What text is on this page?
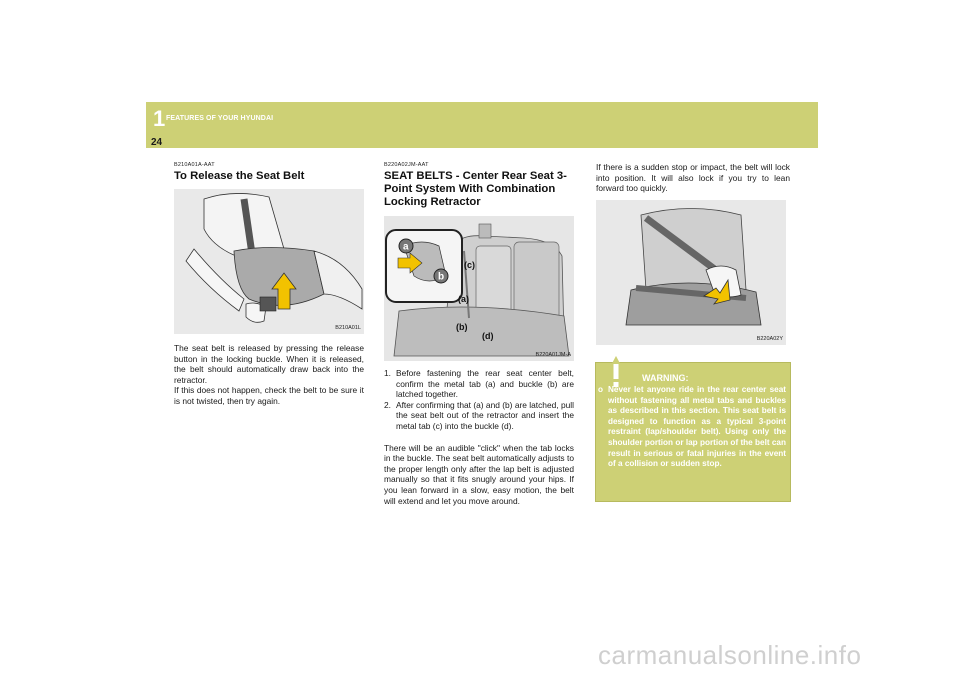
1 FEATURES OF YOUR HYUNDAI
24
B210A01A-AAT
To Release the Seat Belt
B210A01L

The seat belt is released by pressing the release button in the locking buckle. When it is released, the belt should automatically draw back into the retractor.

If this does not happen, check the belt to be sure it is not twisted, then try again.

B220A02JM-AAT
SEAT BELTS - Center Rear Seat 3-Point System With Combination Locking Retractor
a
b
(c)
(a)
(b)
(d)
B220A01JM-A
1. Before fastening the rear seat center belt, confirm the metal tab (a) and buckle (b) are latched together.
2. After confirming that (a) and (b) are latched, pull the seat belt out of the retractor and insert the metal tab (c) into the buckle (d).

There will be an audible "click" when the tab locks in the buckle. The seat belt automatically adjusts to the proper length only after the lap belt is adjusted manually so that it fits snugly around your hips. If you lean forward in a slow, easy motion, the belt will extend and let you move around.

If there is a sudden stop or impact, the belt will lock into position. It will also lock if you try to lean forward too quickly.

B220A02Y
WARNING:
o Never let anyone ride in the rear center seat without fastening all metal tabs and buckles as described in this section. This seat belt is designed to function as a typical 3-point restraint (lap/shoulder belt). Using only the shoulder portion or lap portion of the belt can result in serious or fatal injuries in the event of a collision or sudden stop.
carmanualsonline.info
